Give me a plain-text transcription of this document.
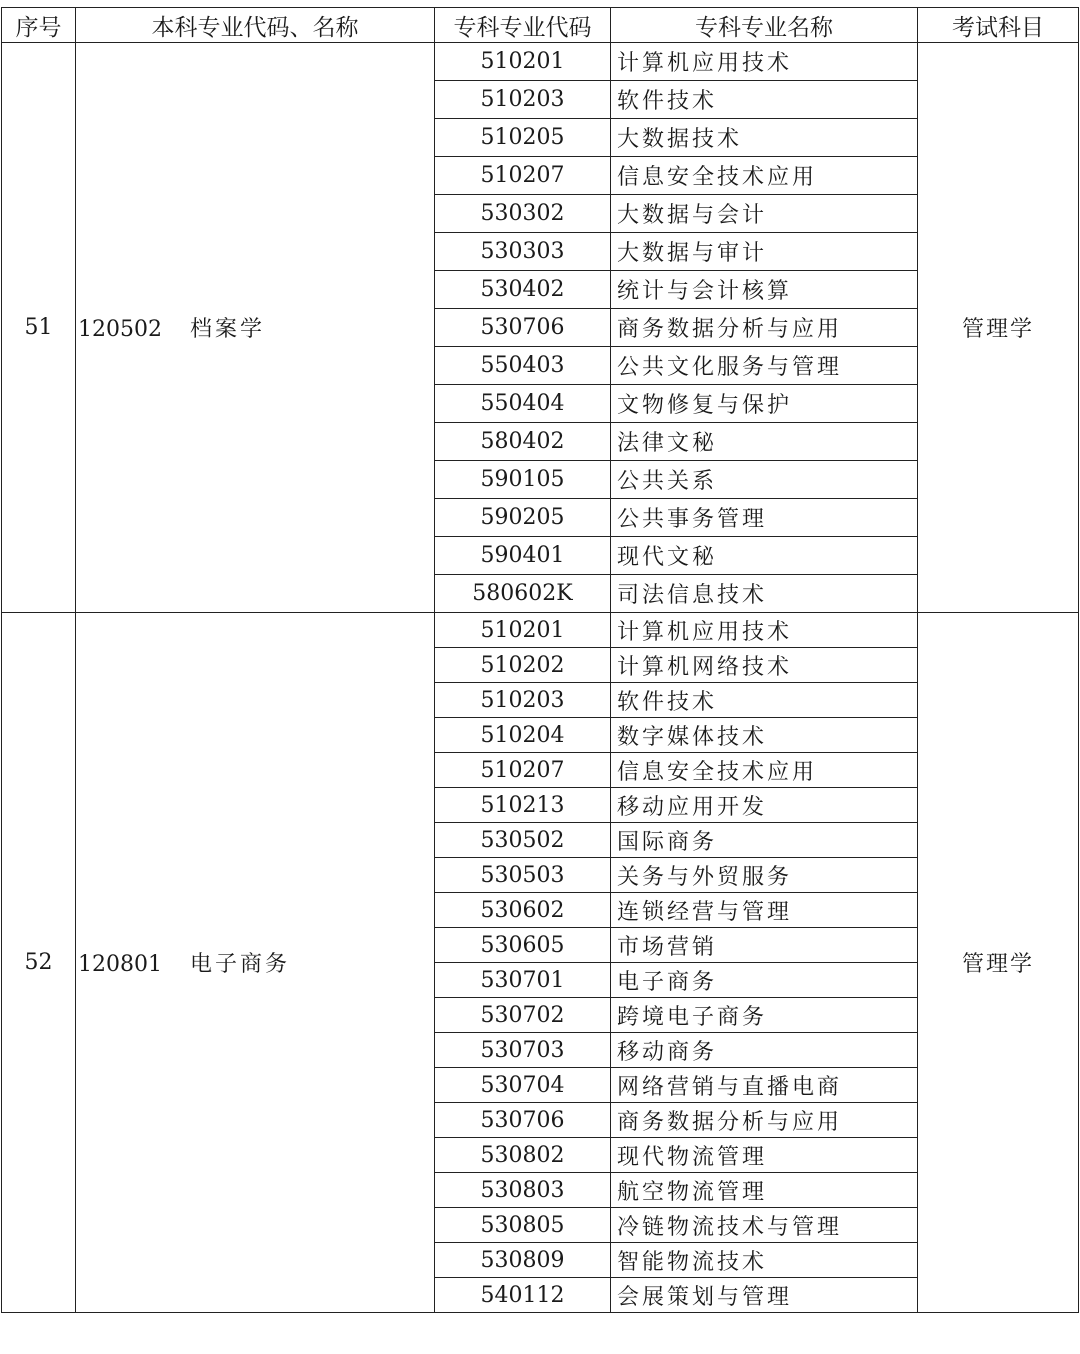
序号	本科专业代码、名称	专科专业代码	专科专业名称	考试科目
51	120502 档案学	510201	计算机应用技术	管理学
		510203	软件技术	
		510205	大数据技术	
		510207	信息安全技术应用	
		530302	大数据与会计	
		530303	大数据与审计	
		530402	统计与会计核算	
		530706	商务数据分析与应用	
		550403	公共文化服务与管理	
		550404	文物修复与保护	
		580402	法律文秘	
		590105	公共关系	
		590205	公共事务管理	
		590401	现代文秘	
		580602K	司法信息技术	
52	120801 电子商务	510201	计算机应用技术	管理学
		510202	计算机网络技术	
		510203	软件技术	
		510204	数字媒体技术	
		510207	信息安全技术应用	
		510213	移动应用开发	
		530502	国际商务	
		530503	关务与外贸服务	
		530602	连锁经营与管理	
		530605	市场营销	
		530701	电子商务	
		530702	跨境电子商务	
		530703	移动商务	
		530704	网络营销与直播电商	
		530706	商务数据分析与应用	
		530802	现代物流管理	
		530803	航空物流管理	
		530805	冷链物流技术与管理	
		530809	智能物流技术	
		540112	会展策划与管理	
